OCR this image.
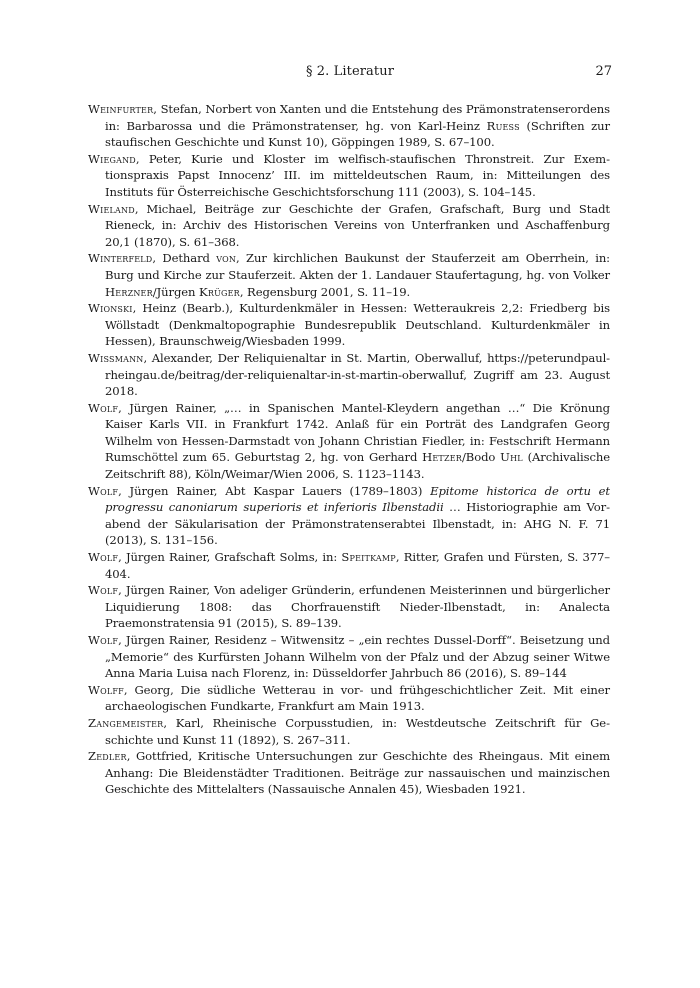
§ 2. Literatur	27

Weinfurter, Stefan, Norbert von Xanten und die Entstehung des Prämonstratenserordens in: Barbarossa und die Prämonstratenser, hg. von Karl-Heinz Ruess (Schriften zur staufischen Geschichte und Kunst 10), Göppingen 1989, S. 67–100.

Wiegand, Peter, Kurie und Kloster im welfisch-staufischen Thronstreit. Zur Exemtionspraxis Papst Innocenz’ III. im mitteldeutschen Raum, in: Mitteilungen des Instituts für Österreichische Geschichtsforschung 111 (2003), S. 104–145.

Wieland, Michael, Beiträge zur Geschichte der Grafen, Grafschaft, Burg und Stadt Rieneck, in: Archiv des Historischen Vereins von Unterfranken und Aschaffenburg 20,1 (1870), S. 61–368.

Winterfeld, Dethard von, Zur kirchlichen Baukunst der Stauferzeit am Oberrhein, in: Burg und Kirche zur Stauferzeit. Akten der 1. Landauer Staufertagung, hg. von Volker Herzner/Jürgen Krüger, Regensburg 2001, S. 11–19.

Wionski, Heinz (Bearb.), Kulturdenkmäler in Hessen: Wetteraukreis 2,2: Friedberg bis Wöllstadt (Denkmaltopographie Bundesrepublik Deutschland. Kulturdenkmäler in Hessen), Braunschweig/Wiesbaden 1999.

Wissmann, Alexander, Der Reliquienaltar in St. Martin, Oberwalluf, https://peterundpaul-rheingau.de/beitrag/der-reliquienaltar-in-st-martin-oberwalluf, Zugriff am 23. August 2018.

Wolf, Jürgen Rainer, „… in Spanischen Mantel-Kleydern angethan …“ Die Krönung Kaiser Karls VII. in Frankfurt 1742. Anlaß für ein Porträt des Landgrafen Georg Wilhelm von Hessen-Darmstadt von Johann Christian Fiedler, in: Festschrift Hermann Rumschöttel zum 65. Geburtstag 2, hg. von Gerhard Hetzer/Bodo Uhl (Archivalische Zeitschrift 88), Köln/Weimar/Wien 2006, S. 1123–1143.

Wolf, Jürgen Rainer, Abt Kaspar Lauers (1789–1803) Epitome historica de ortu et progressu canoniarum superioris et inferioris Ilbenstadii … Historiographie am Vorabend der Säkularisation der Prämonstratenserabtei Ilbenstadt, in: AHG N. F. 71 (2013), S. 131–156.

Wolf, Jürgen Rainer, Grafschaft Solms, in: Speitkamp, Ritter, Grafen und Fürsten, S. 377–404.

Wolf, Jürgen Rainer, Von adeliger Gründerin, erfundenen Meisterinnen und bürgerlicher Liquidierung 1808: das Chorfrauenstift Nieder-Ilbenstadt, in: Analecta Praemonstratensia 91 (2015), S. 89–139.

Wolf, Jürgen Rainer, Residenz – Witwensitz – „ein rechtes Dussel-Dorff“. Beisetzung und „Memorie“ des Kurfürsten Johann Wilhelm von der Pfalz und der Abzug seiner Witwe Anna Maria Luisa nach Florenz, in: Düsseldorfer Jahrbuch 86 (2016), S. 89–144

Wolff, Georg, Die südliche Wetterau in vor- und frühgeschichtlicher Zeit. Mit einer archaeologischen Fundkarte, Frankfurt am Main 1913.

Zangemeister, Karl, Rheinische Corpusstudien, in: Westdeutsche Zeitschrift für Geschichte und Kunst 11 (1892), S. 267–311.

Zedler, Gottfried, Kritische Untersuchungen zur Geschichte des Rheingaus. Mit einem Anhang: Die Bleidenstädter Traditionen. Beiträge zur nassauischen und mainzischen Geschichte des Mittelalters (Nassauische Annalen 45), Wiesbaden 1921.
